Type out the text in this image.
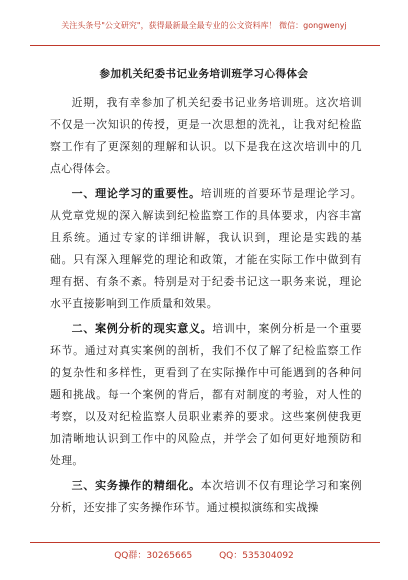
关注头条号"公文研究"，获得最新最全最专业的公文资料库！ 微信：gongwenyj
参加机关纪委书记业务培训班学习心得体会

近期，我有幸参加了机关纪委书记业务培训班。这次培训不仅是一次知识的传授，更是一次思想的洗礼，让我对纪检监察工作有了更深刻的理解和认识。以下是我在这次培训中的几点心得体会。

一、理论学习的重要性。培训班的首要环节是理论学习。从党章党规的深入解读到纪检监察工作的具体要求，内容丰富且系统。通过专家的详细讲解，我认识到，理论是实践的基础。只有深入理解党的理论和政策，才能在实际工作中做到有理有据、有条不紊。特别是对于纪委书记这一职务来说，理论水平直接影响到工作质量和效果。

二、案例分析的现实意义。培训中，案例分析是一个重要环节。通过对真实案例的剖析，我们不仅了解了纪检监察工作的复杂性和多样性，更看到了在实际操作中可能遇到的各种问题和挑战。每一个案例的背后，都有对制度的考验，对人性的考察，以及对纪检监察人员职业素养的要求。这些案例使我更加清晰地认识到工作中的风险点，并学会了如何更好地预防和处理。

三、实务操作的精细化。本次培训不仅有理论学习和案例分析，还安排了实务操作环节。通过模拟演练和实战操

QQ群：30265665	QQ：535304092
